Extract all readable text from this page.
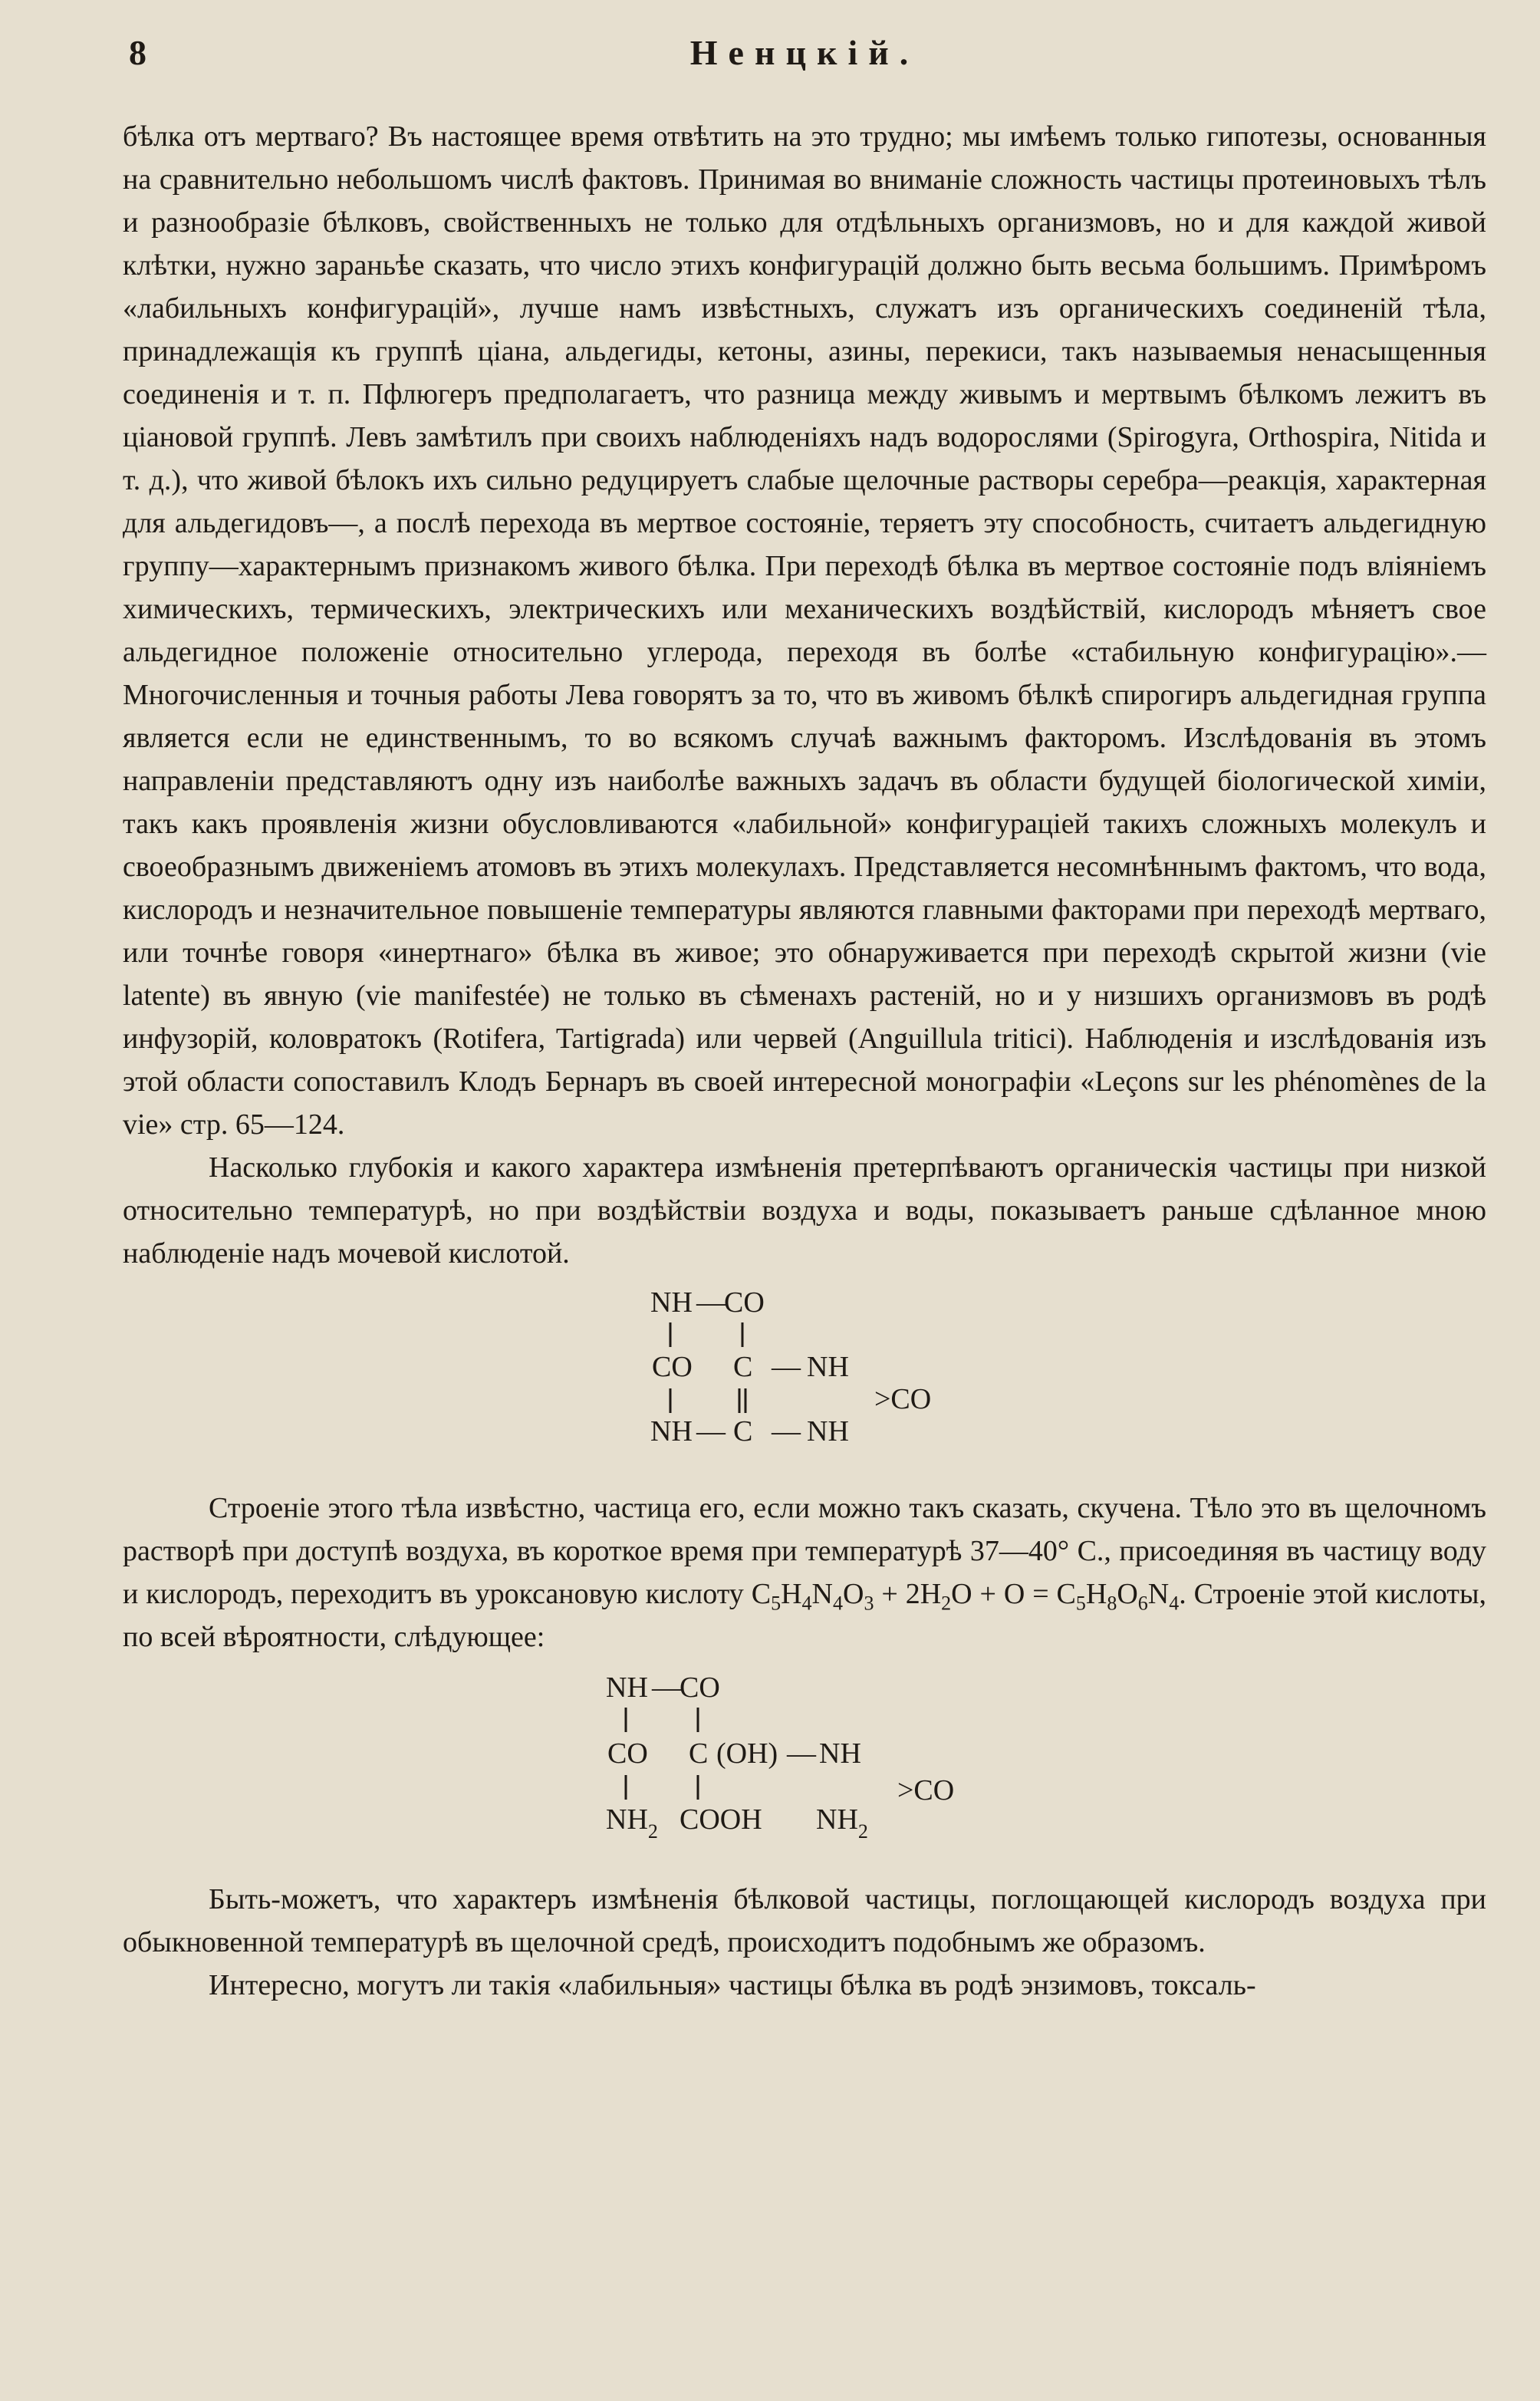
8	Ненцкій.

бѣлка отъ мертваго? Въ настоящее время отвѣтить на это трудно; мы имѣемъ только гипотезы, основанныя на сравнительно небольшомъ числѣ фактовъ. Принимая во вниманіе сложность частицы протеиновыхъ тѣлъ и разнообразіе бѣлковъ, свойственныхъ не только для отдѣльныхъ организмовъ, но и для каждой живой клѣтки, нужно зараньѣе сказать, что число этихъ конфигурацій должно быть весьма большимъ. Примѣромъ «лабильныхъ конфигурацій», лучше намъ извѣстныхъ, служатъ изъ органическихъ соединеній тѣла, принадлежащія къ группѣ ціана, альдегиды, кетоны, азины, перекиси, такъ называемыя ненасыщенныя соединенія и т. п. Пфлюгеръ предполагаетъ, что разница между живымъ и мертвымъ бѣлкомъ лежитъ въ ціановой группѣ. Левъ замѣтилъ при своихъ наблюденіяхъ надъ водорослями (Spirogyra, Orthospira, Nitida и т. д.), что живой бѣлокъ ихъ сильно редуцируетъ слабые щелочные растворы серебра—реакція, характерная для альдегидовъ—, а послѣ перехода въ мертвое состояніе, теряетъ эту способность, считаетъ альдегидную группу—характернымъ признакомъ живого бѣлка. При переходѣ бѣлка въ мертвое состояніе подъ вліяніемъ химическихъ, термическихъ, электрическихъ или механическихъ воздѣйствій, кислородъ мѣняетъ свое альдегидное положеніе относительно углерода, переходя въ болѣе «стабильную конфигурацію».—Многочисленныя и точныя работы Лева говорятъ за то, что въ живомъ бѣлкѣ спирогиръ альдегидная группа является если не единственнымъ, то во всякомъ случаѣ важнымъ факторомъ. Изслѣдованія въ этомъ направленіи представляютъ одну изъ наиболѣе важныхъ задачъ въ области будущей біологической химіи, такъ какъ проявленія жизни обусловливаются «лабильной» конфигураціей такихъ сложныхъ молекулъ и своеобразнымъ движеніемъ атомовъ въ этихъ молекулахъ. Представляется несомнѣннымъ фактомъ, что вода, кислородъ и незначительное повышеніе температуры являются главными факторами при переходѣ мертваго, или точнѣе говоря «инертнаго» бѣлка въ живое; это обнаруживается при переходѣ скрытой жизни (vie latente) въ явную (vie manifestée) не только въ сѣменахъ растеній, но и у низшихъ организмовъ въ родѣ инфузорій, коловратокъ (Rotifera, Tartigrada) или червей (Anguillula tritici). Наблюденія и изслѣдованія изъ этой области сопоставилъ Клодъ Бернаръ въ своей интересной монографіи «Leçons sur les phénomènes de la vie» стр. 65—124.

Насколько глубокія и какого характера измѣненія претерпѣваютъ органическія частицы при низкой относительно температурѣ, но при воздѣйствіи воздуха и воды, показываетъ раньше сдѣланное мною наблюденіе надъ мочевой кислотой.

NH —
CO
CO C — NH
NH — C — NH
>CO

Строеніе этого тѣла извѣстно, частица его, если можно такъ сказать, скучена. Тѣло это въ щелочномъ растворѣ при доступѣ воздуха, въ короткое время при температурѣ 37—40° С., присоединяя въ частицу воду и кислородъ, переходитъ въ уроксановую кислоту $C_5H_4N_4O_3 + 2H_2O + O = C_5H_8O_6N_4$. Строеніе этой кислоты, по всей вѣроятности, слѣдующее:

NH —
CO
CO C (OH) — NH
$NH_2$ COOH $NH_2$
>CO

Быть-можетъ, что характеръ измѣненія бѣлковой частицы, поглощающей кислородъ воздуха при обыкновенной температурѣ въ щелочной средѣ, происходитъ подобнымъ же образомъ.

Интересно, могутъ ли такія «лабильныя» частицы бѣлка въ родѣ энзимовъ, токсаль-
